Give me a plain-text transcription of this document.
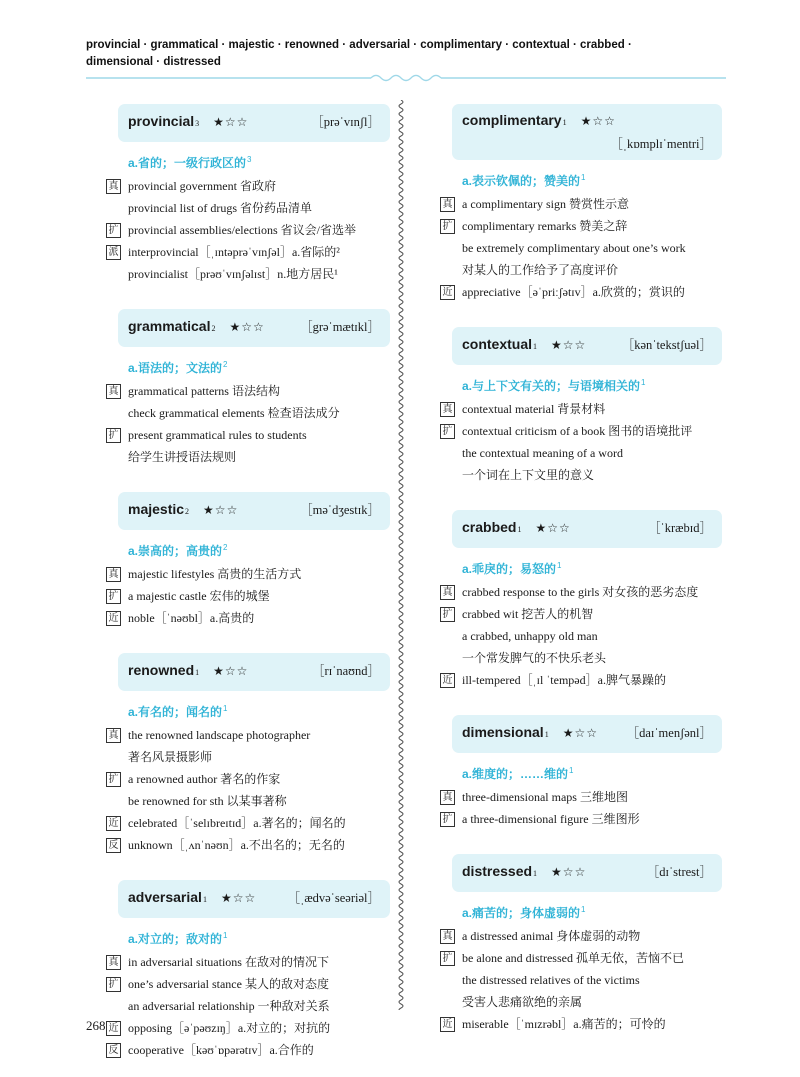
provincial · grammatical · majestic · renowned · adversarial · complimentary · contextual · crabbed ·
dimensional · distressed
provincial 3 ★☆☆	［prəˈvɪnʃl］
a.省的；一级行政区的$^3$
真 provincial government 省政府
provincial list of drugs 省份药品清单
扩 provincial assemblies/elections 省议会/省选举
派 interprovincial［ˌɪntəprəˈvɪnʃəl］a.省际的²
provincialist［prəʊˈvɪnʃəlɪst］n.地方居民¹
grammatical 2 ★☆☆	［grəˈmætɪkl］
a.语法的；文法的$^2$
真 grammatical patterns 语法结构
check grammatical elements 检查语法成分
扩 present grammatical rules to students
给学生讲授语法规则
majestic 2 ★☆☆	［məˈdʒestɪk］
a.崇高的；高贵的$^2$
真 majestic lifestyles 高贵的生活方式
扩 a majestic castle 宏伟的城堡
近 noble［ˈnəʊbl］a.高贵的
renowned 1 ★☆☆	［rɪˈnaʊnd］
a.有名的；闻名的$^1$
真 the renowned landscape photographer
著名风景摄影师
扩 a renowned author 著名的作家
be renowned for sth 以某事著称
近 celebrated［ˈselɪbreɪtɪd］a.著名的；闻名的
反 unknown［ˌʌnˈnəʊn］a.不出名的；无名的
adversarial 1 ★☆☆	［ˌædvəˈseəriəl］
a.对立的；敌对的$^1$
真 in adversarial situations 在敌对的情况下
扩 one’s adversarial stance 某人的敌对态度
an adversarial relationship 一种敌对关系
近 opposing［əˈpəʊzɪŋ］a.对立的；对抗的
反 cooperative［kəʊˈɒpərətɪv］a.合作的
complimentary 1 ★☆☆
［ˌkɒmplɪˈmentri］
a.表示钦佩的；赞美的$^1$
真 a complimentary sign 赞赏性示意
扩 complimentary remarks 赞美之辞
be extremely complimentary about one’s work
对某人的工作给予了高度评价
近 appreciative［əˈpriːʃətɪv］a.欣赏的；赏识的
contextual 1 ★☆☆	［kənˈtekstʃuəl］
a.与上下文有关的；与语境相关的$^1$
真 contextual material 背景材料
扩 contextual criticism of a book 图书的语境批评
the contextual meaning of a word
一个词在上下文里的意义
crabbed 1 ★☆☆	［ˈkræbɪd］
a.乖戾的；易怒的$^1$
真 crabbed response to the girls 对女孩的恶劣态度
扩 crabbed wit 挖苦人的机智
a crabbed, unhappy old man
一个常发脾气的不快乐老头
近 ill-tempered［ˌɪl ˈtempəd］a.脾气暴躁的
dimensional 1 ★☆☆ ［daɪˈmenʃənl］
a.维度的；……维的$^1$
真 three-dimensional maps 三维地图
扩 a three-dimensional figure 三维图形
distressed 1 ★☆☆	［dɪˈstrest］
a.痛苦的；身体虚弱的$^1$
真 a distressed animal 身体虚弱的动物
扩 be alone and distressed 孤单无依，苦恼不已
the distressed relatives of the victims
受害人悲痛欲绝的亲属
近 miserable［ˈmɪzrəbl］a.痛苦的；可怜的
268
